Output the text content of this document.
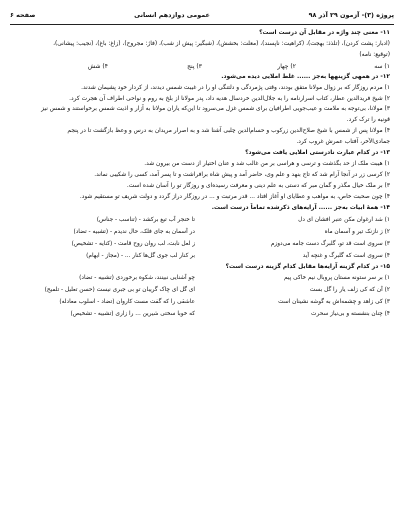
پروژه (۳)- آزمون ۲۹ آذر ۹۸
عمومی دوازدهم انسانی
صفحه ۶
۱۱- معنی چند واژه در مقابل آن درست است؟
(ادبار: پشت کردن)، (تلذذ: بهجت)، (کراهیت: ناپسند)، (معلت: بخشش)، (شبگیر: پیش از شب)، (فاژ: مجروح)، (زاغ: باغ)، (نجیب: پیشانی)،
(توقیع: نامه)
۱) سه
۲) چهار
۳) پنج
۴) شش
۱۲- در همهی گزینهها به‌جز ...... غلط املایی دیده می‌شود.
۱) مردم روزگار که بر زوال مولانا متفق بودند، وقتی پژمردگی و دلتنگی او را در غیبت شمس دیدند، از کردار خود پشیمان شدند.
۲) شیخ فریدالدین عطار، کتاب اسرارنامه را به جلال‌الدین خردسال هدیه داد، پدر مولانا از بلخ به روم و نواحی اطراف آن هجرت کرد.
۳) مولانا، بی‌توجه به ملامت و عیب‌جویی اطرافیان برای شمس غزل می‌سرود تا این‌که یاران مولانا به آزار و اذیت شمس برخواستند و شمس نیز
قونیه را ترک کرد.
۴) مولانا پس از شمس با شیخ صلاح‌الدین زرکوب و حسام‌الدین چلبی آشنا شد و به اصرار مریدان به درس و وعظ بازگشت تا در پنجم
جمادی‌الآخر، آفتاب عمرش غروب کرد.
۱۳- در کدام عبارت نادرستی املایی یافت می‌شود؟
۱) هیبت ملک از حد بگذشت و ترسی و هراسی بر من غالب شد و عنان اختیار از دست من بیرون شد.
۲) کرسی زر در آنجا آرام شد که تاج بنهد و علم وی، حاضر آمد و پیش شاه برافراشت و تا پسر آمد، کسی را شکیبی نماند.
۳) بر ملک خیال مگذر و گمان مبر که دستی به علم دینی و معرفت رسیده‌ای و روزگار تو را آسان شده است.
۴) چون صحبت خاص، به مواهب و عطایای او آغاز افتاد ... قدر مرتبت و ... در روزگار دراز گردد و دولت شریف تو مستقیم شود.
۱۴- همهٔ ابیات به‌جز ...... آرایه‌های ذکرشده تماماً درست است.
۱) شد ارغوان مکن عنبر افشان ای دل
تا خنجر آب تیغ برکشد - (تناسب - جناس)
۲) ز نازنک تیر و آسمان ماه
در آسمان به جای فلک، حال ندیدم - (تشبیه - تضاد)
۳) سروی است قد تو، گلبرگ دست جامه می‌دوزم
ز لعل نابت، لب روان روح قامت - (کنایه - تشخیص)
۴) سروی است که گلبرگ و غنچه آید
بر کنار لب جوی گل‌ها کنار ... - (مجاز - ایهام)
۱۵- در کدام گزینه آرایه‌ها مقابل کدام گزینه درست است؟
۱) بر سر ستونه مستان پروبال نیم خاکی پیم
چو آشنایی نبینند، شکوه برخوردی (تشبیه - تضاد)
۲) آن که کی زلف یار را گل بست
ای گل ای چاک گریبان تو بی جبری نیست (حسن تعلیل - تلمیح)
۳) کی زاهد و چشمه‌اش به گوشه نشینان است
عاشقی را که گفت مست کاروان (تضاد - اسلوب معادله)
۴) چنان بنشسته و بی‌نیاز سحرت
که خوبا سختی شیرین ... را زاری (تشبیه - تشخیص)
